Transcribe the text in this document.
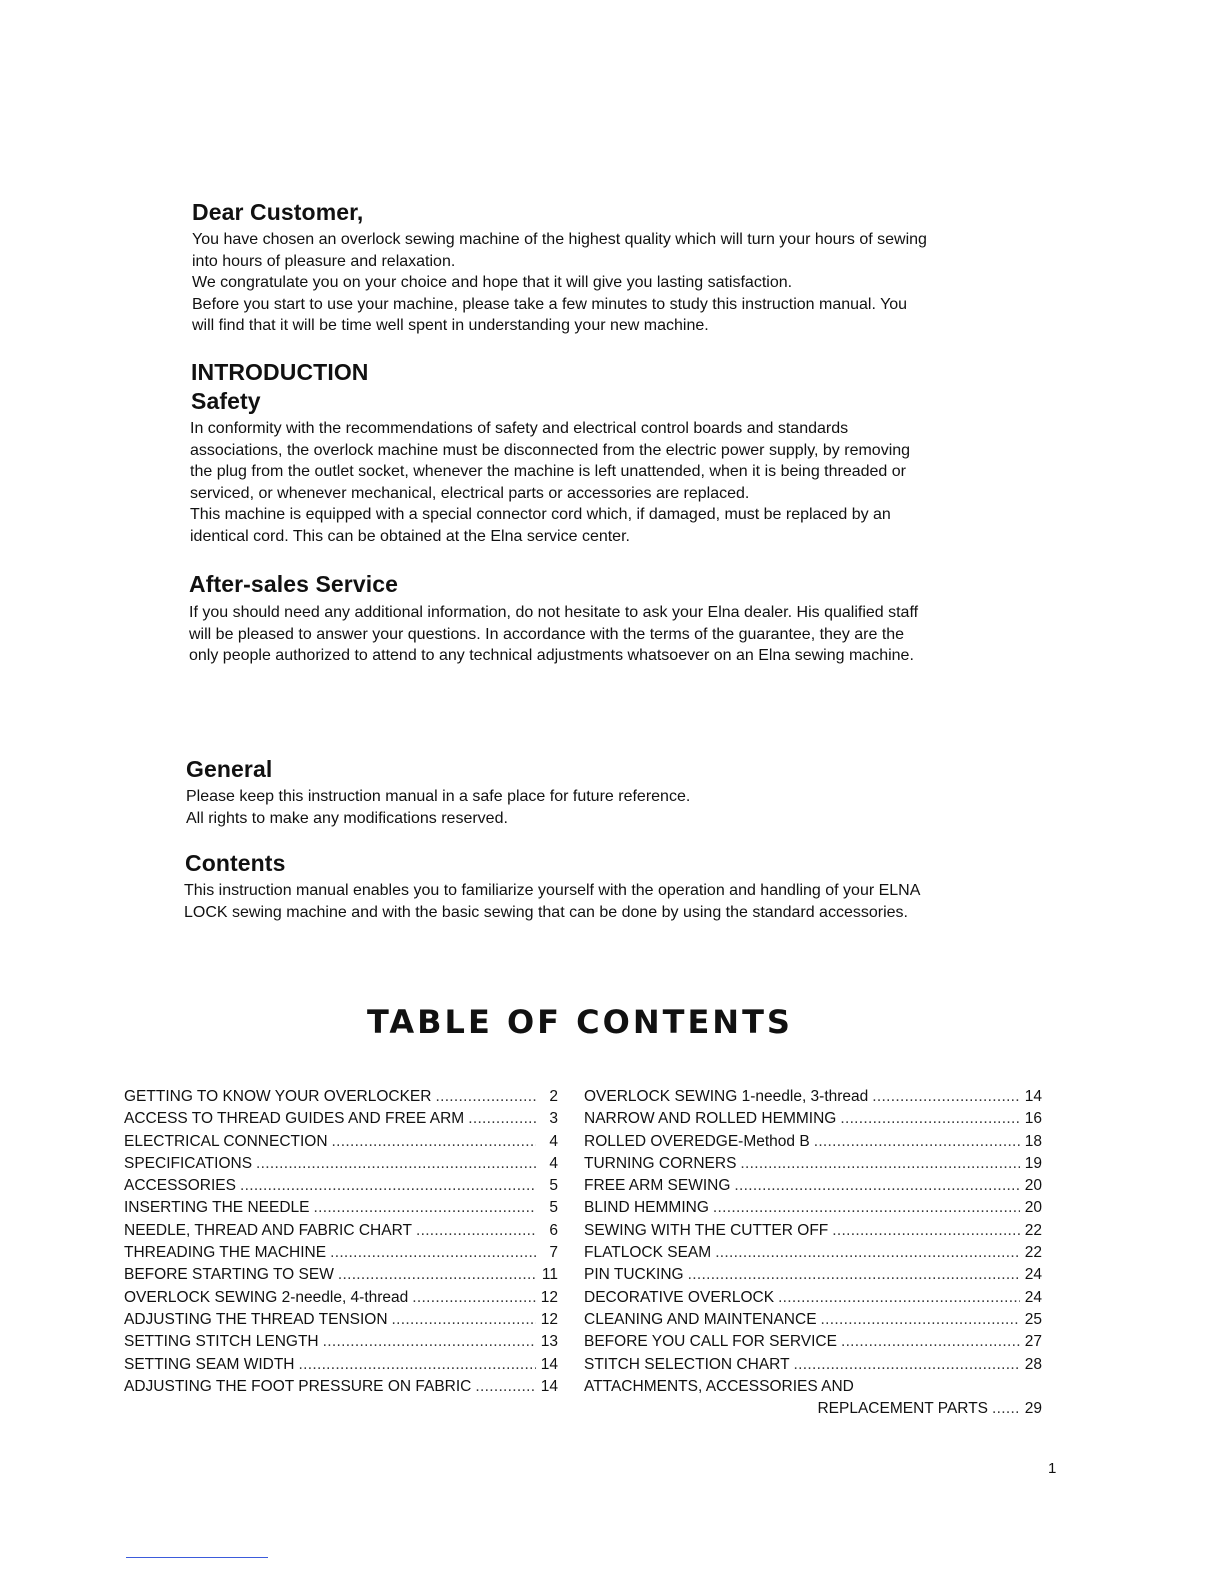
Dear Customer,

You have chosen an overlock sewing machine of the highest quality which will turn your hours of sewing

into hours of pleasure and relaxation.

We congratulate you on your choice and hope that it will give you lasting satisfaction.

Before you start to use your machine, please take a few minutes to study this instruction manual. You

will find that it will be time well spent in understanding your new machine.

INTRODUCTION
Safety

In conformity with the recommendations of safety and electrical control boards and standards

associations, the overlock machine must be disconnected from the electric power supply, by removing

the plug from the outlet socket, whenever the machine is left unattended, when it is being threaded or

serviced, or whenever mechanical, electrical parts or accessories are replaced.

This machine is equipped with a special connector cord which, if damaged, must be replaced by an

identical cord. This can be obtained at the Elna service center.

After-sales Service

If you should need any additional information, do not hesitate to ask your Elna dealer. His qualified staff

will be pleased to answer your questions. In accordance with the terms of the guarantee, they are the

only people authorized to attend to any technical adjustments whatsoever on an Elna sewing machine.

General

Please keep this instruction manual in a safe place for future reference.

All rights to make any modifications reserved.

Contents

This instruction manual enables you to familiarize yourself with the operation and handling of your ELNA

LOCK sewing machine and with the basic sewing that can be done by using the standard accessories.

TABLE OF CONTENTS
GETTING TO KNOW YOUR OVERLOCKER . . .	2
ACCESS TO THREAD GUIDES AND FREE ARM . . .	3
ELECTRICAL CONNECTION . . .	4
SPECIFICATIONS . . .	4
ACCESSORIES . . .	5
INSERTING THE NEEDLE . . .	5
NEEDLE, THREAD AND FABRIC CHART . . .	6
THREADING THE MACHINE . . .	7
BEFORE STARTING TO SEW . . .	11
OVERLOCK SEWING 2-needle, 4-thread . . .	12
ADJUSTING THE THREAD TENSION . . .	12
SETTING STITCH LENGTH . . .	13
SETTING SEAM WIDTH . . .	14
ADJUSTING THE FOOT PRESSURE ON FABRIC . . .	14
OVERLOCK SEWING 1-needle, 3-thread . . .	14
NARROW AND ROLLED HEMMING . . .	16
ROLLED OVEREDGE-Method B . . .	18
TURNING CORNERS . . .	19
FREE ARM SEWING . . .	20
BLIND HEMMING . . .	20
SEWING WITH THE CUTTER OFF . . .	22
FLATLOCK SEAM . . .	22
PIN TUCKING . . .	24
DECORATIVE OVERLOCK . . .	24
CLEANING AND MAINTENANCE . . .	25
BEFORE YOU CALL FOR SERVICE . . .	27
STITCH SELECTION CHART . . .	28
ATTACHMENTS, ACCESSORIES AND
REPLACEMENT PARTS . . . 29
1
